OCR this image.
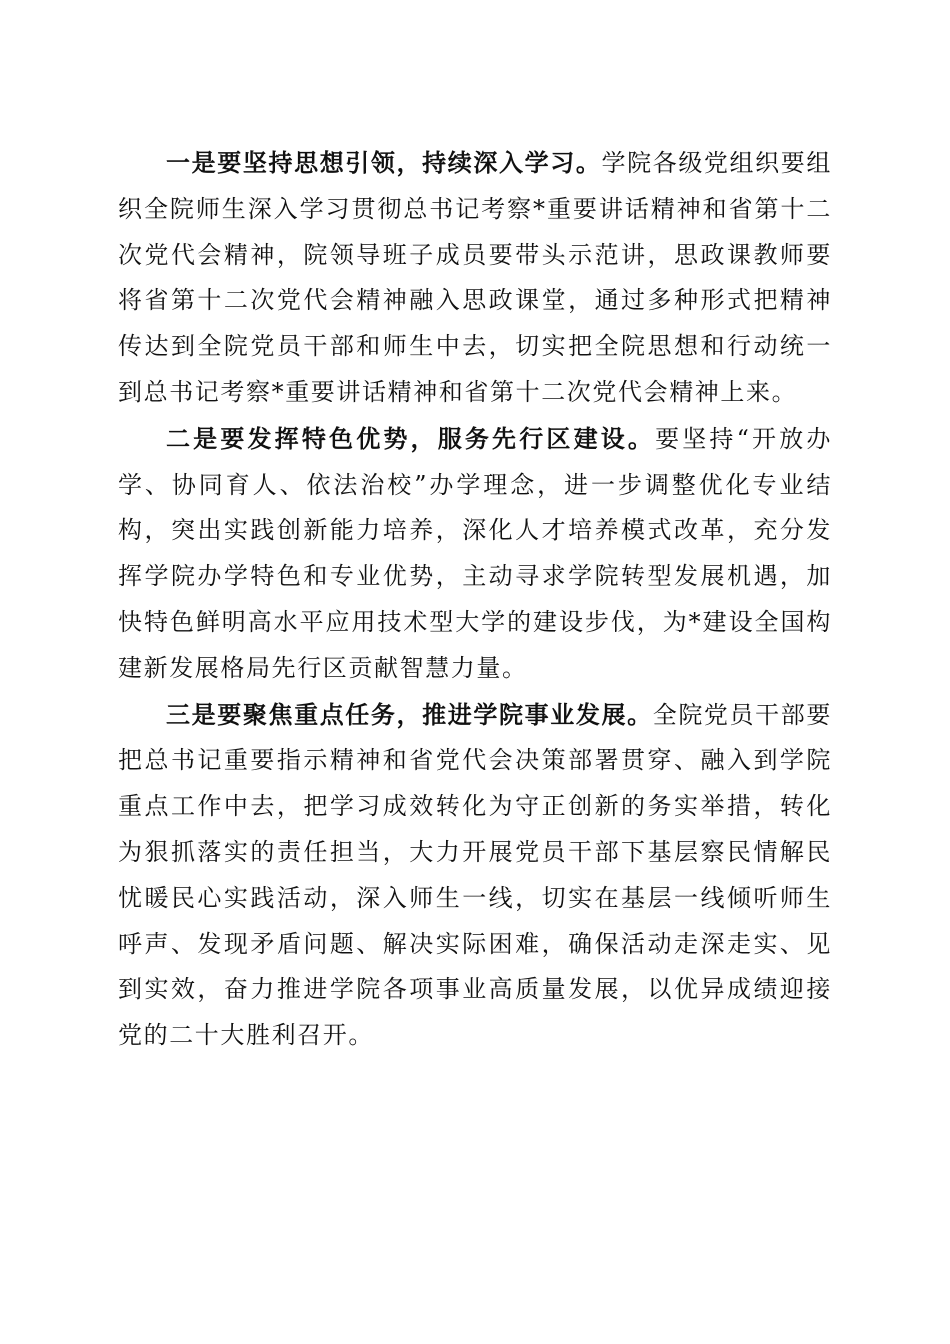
一是要坚持思想引领，持续深入学习。学院各级党组织要组织全院师生深入学习贯彻总书记考察*重要讲话精神和省第十二次党代会精神，院领导班子成员要带头示范讲，思政课教师要将省第十二次党代会精神融入思政课堂，通过多种形式把精神传达到全院党员干部和师生中去，切实把全院思想和行动统一到总书记考察*重要讲话精神和省第十二次党代会精神上来。

二是要发挥特色优势，服务先行区建设。要坚持“开放办学、协同育人、依法治校”办学理念，进一步调整优化专业结构，突出实践创新能力培养，深化人才培养模式改革，充分发挥学院办学特色和专业优势，主动寻求学院转型发展机遇，加快特色鲜明高水平应用技术型大学的建设步伐，为*建设全国构建新发展格局先行区贡献智慧力量。

三是要聚焦重点任务，推进学院事业发展。全院党员干部要把总书记重要指示精神和省党代会决策部署贯穿、融入到学院重点工作中去，把学习成效转化为守正创新的务实举措，转化为狠抓落实的责任担当，大力开展党员干部下基层察民情解民忧暖民心实践活动，深入师生一线，切实在基层一线倾听师生呼声、发现矛盾问题、解决实际困难，确保活动走深走实、见到实效，奋力推进学院各项事业高质量发展，以优异成绩迎接党的二十大胜利召开。
